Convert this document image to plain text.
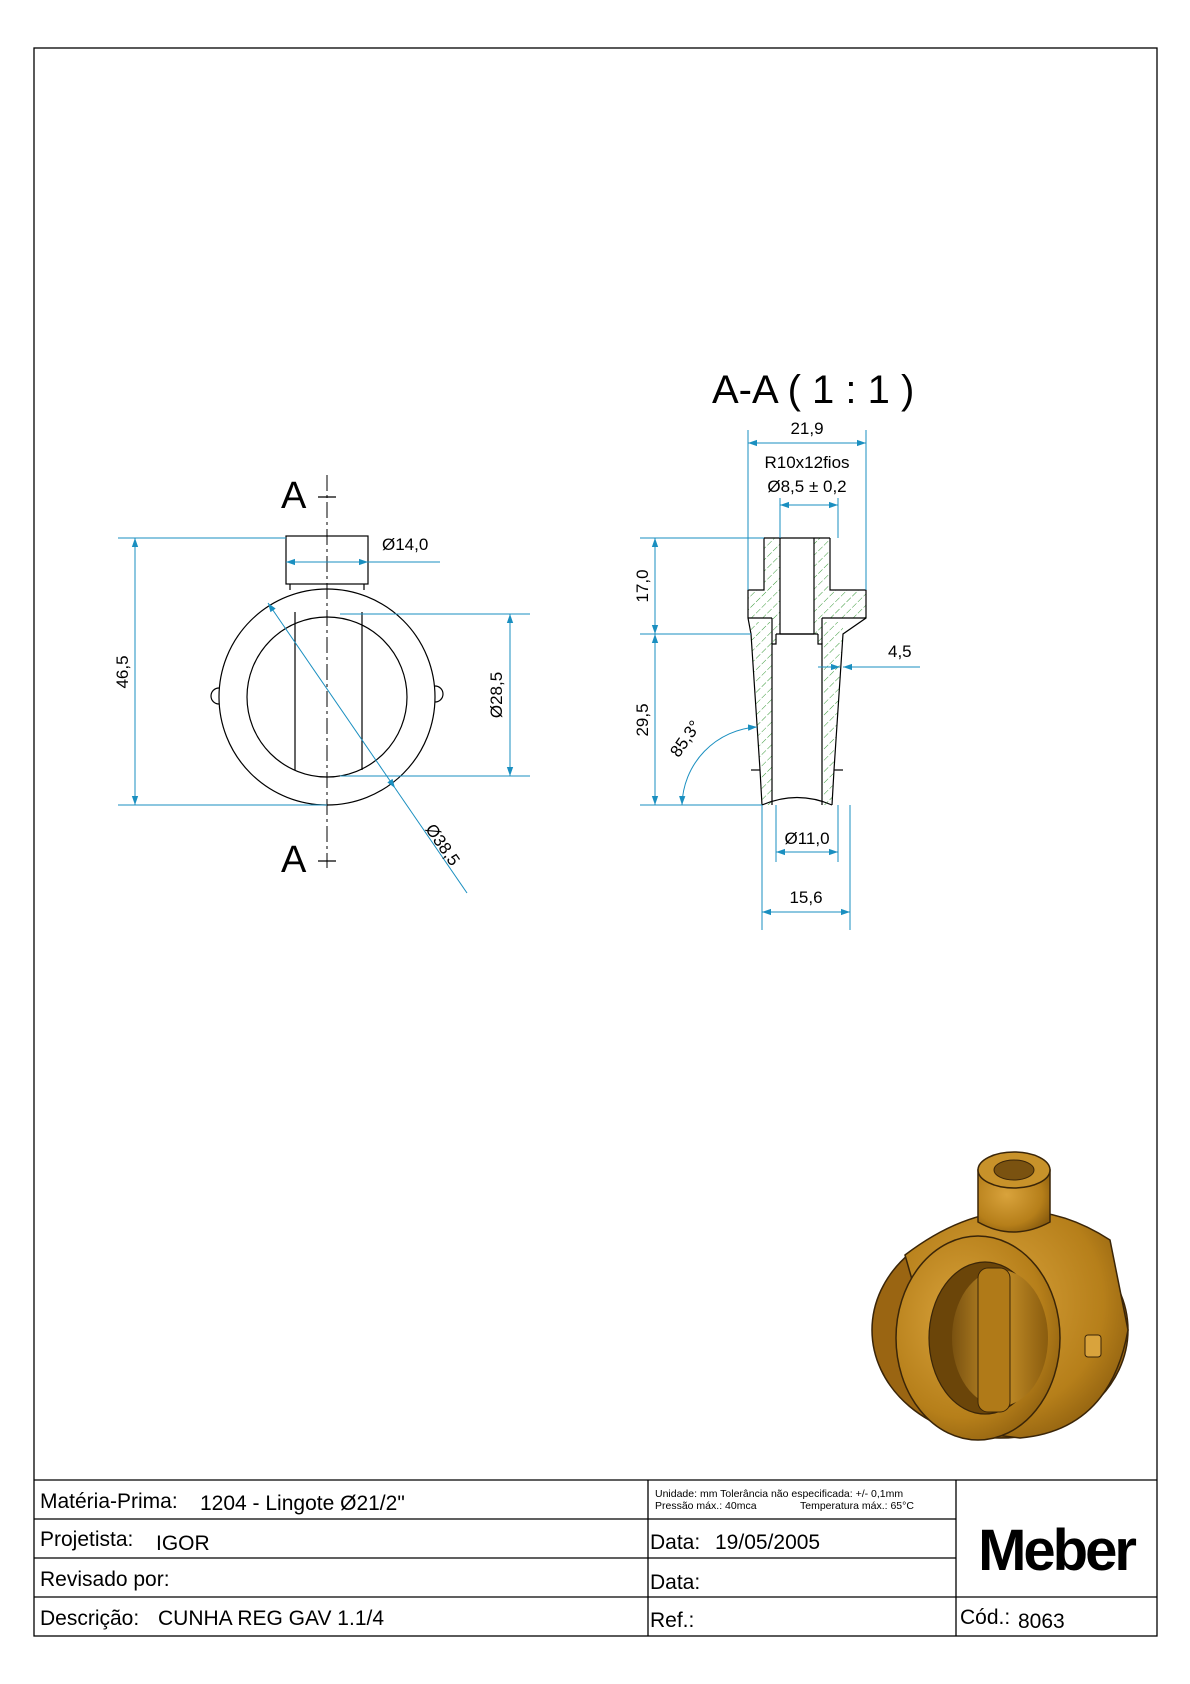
A
A
Ø14,0
46,5	Ø28,5
Ø38,5
A-A ( 1 : 1 )
21,9
R10x12fios
Ø8,5 ± 0,2
17,0
29,5 85,3°
4,5
Ø11,0
15,6
Matéria-Prima: 1204 - Lingote Ø21/2"
Projetista: IGOR
Revisado por:
Descrição: CUNHA REG GAV 1.1/4
Unidade: mm Tolerância não especificada: +/- 0,1mm
Pressão máx.: 40mca	Temperatura máx.: 65°C
Data: 19/05/2005
Data:
Ref.:
Meber
Cód.: 8063
